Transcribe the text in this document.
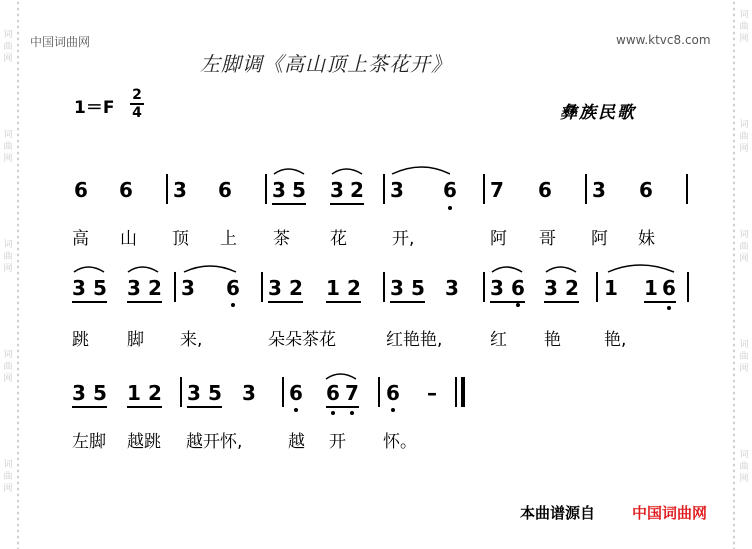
词
曲
网
词
曲
网
词
曲
网
词
曲
网
词
曲
网
词
曲
网
词
曲
网
词
曲
网
词
曲
网
词
曲
网
中国词曲网	www.ktvc8.com
左脚调《高山顶上茶花开》
1＝F
2
4	彝族民歌
6 6 3 6 3 5 3 2 3 6 7 6 3 6
高 山 顶 上 茶 花	开,	阿 哥 阿 妹
3 5 3 2 3 6 3 2 1 2 3 5 3 3 6 3 2 1 1 6
跳 脚 来,	朵朵茶花	红艳艳,	红 艳	艳,
3 5 1 2 3 5 3 6 6 7 6 –
左脚 越跳 越开怀,	越 开 怀。
本曲谱源自 中国词曲网
